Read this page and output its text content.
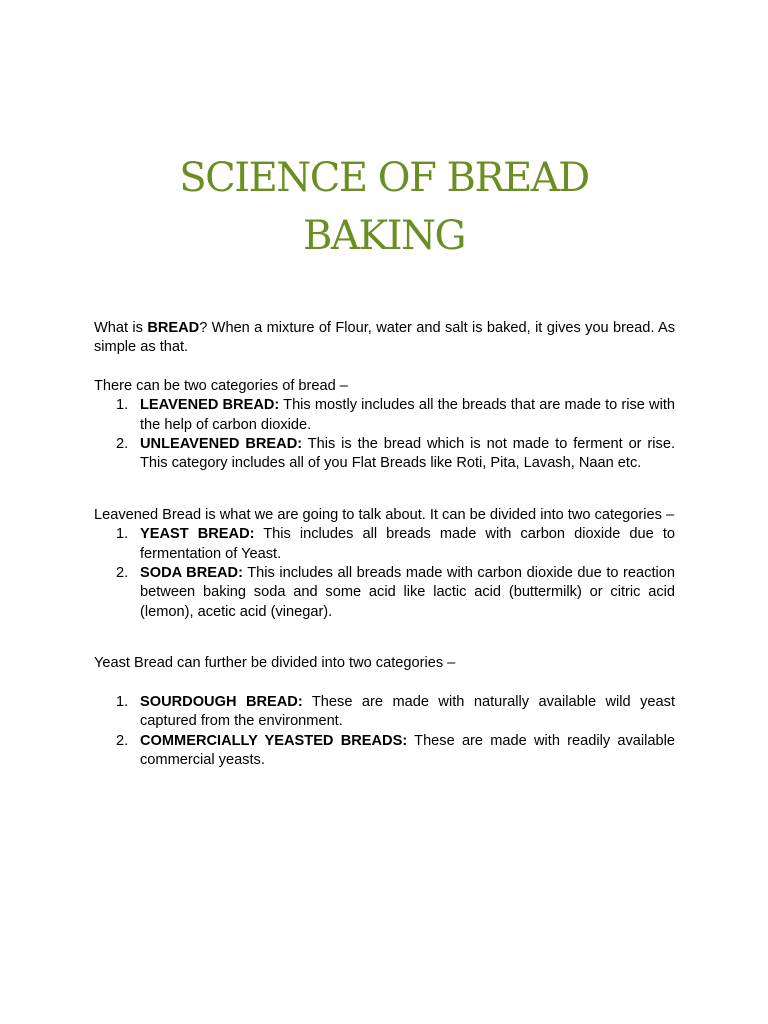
SCIENCE OF BREAD
BAKING

What is BREAD? When a mixture of Flour, water and salt is baked, it gives you bread. As simple as that.

There can be two categories of bread –

1. LEAVENED BREAD: This mostly includes all the breads that are made to rise with the help of carbon dioxide.
2. UNLEAVENED BREAD: This is the bread which is not made to ferment or rise. This category includes all of you Flat Breads like Roti, Pita, Lavash, Naan etc.

Leavened Bread is what we are going to talk about. It can be divided into two categories –

1. YEAST BREAD: This includes all breads made with carbon dioxide due to fermentation of Yeast.
2. SODA BREAD: This includes all breads made with carbon dioxide due to reaction between baking soda and some acid like lactic acid (buttermilk) or citric acid (lemon), acetic acid (vinegar).

Yeast Bread can further be divided into two categories –

1. SOURDOUGH BREAD: These are made with naturally available wild yeast captured from the environment.
2. COMMERCIALLY YEASTED BREADS: These are made with readily available commercial yeasts.
